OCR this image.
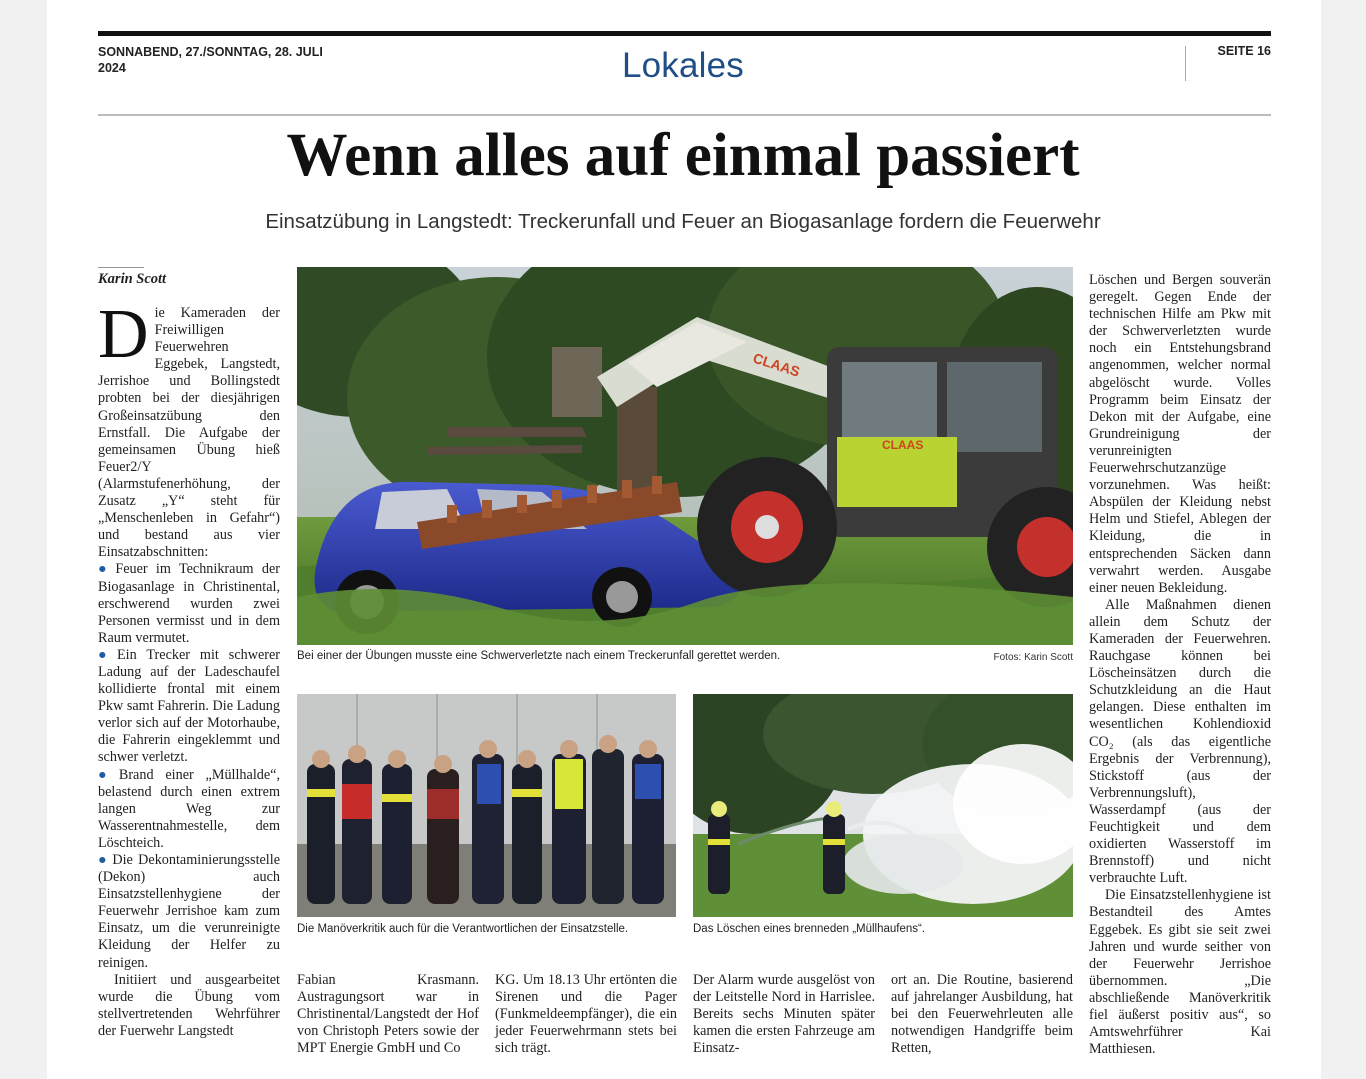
SONNABEND, 27./SONNTAG, 28. JULI 2024	Lokales	SEITE 16
Wenn alles auf einmal passiert
Einsatzübung in Langstedt: Treckerunfall und Feuer an Biogasanlage fordern die Feuerwehr
Karin Scott

Die Kameraden der Freiwilligen Feuerwehren Eggebek, Langstedt, Jerrishoe und Bollingstedt probten bei der diesjährigen Großeinsatzübung den Ernstfall. Die Aufgabe der gemeinsamen Übung hieß Feuer2/Y (Alarmstufenerhöhung, der Zusatz „Y“ steht für „Menschenleben in Gefahr“) und bestand aus vier Einsatzabschnitten:

● Feuer im Technikraum der Biogasanlage in Christinental, erschwerend wurden zwei Personen vermisst und in dem Raum vermutet.

● Ein Trecker mit schwerer Ladung auf der Ladeschaufel kollidierte frontal mit einem Pkw samt Fahrerin. Die Ladung verlor sich auf der Motorhaube, die Fahrerin eingeklemmt und schwer verletzt.

● Brand einer „Müllhalde“, belastend durch einen extrem langen Weg zur Wasserentnahmestelle, dem Löschteich.

● Die Dekontaminierungsstelle (Dekon) auch Einsatzstellenhygiene der Feuerwehr Jerrishoe kam zum Einsatz, um die verunreinigte Kleidung der Helfer zu reinigen.

Initiiert und ausgearbeitet wurde die Übung vom stellvertretenden Wehrführer der Fuerwehr Langstedt

CLAAS
CLAAS
Bei einer der Übungen musste eine Schwerverletzte nach einem Treckerunfall gerettet werden.	Fotos: Karin Scott
Die Manöverkritik auch für die Verantwortlichen der Einsatzstelle.	Das Löschen eines brenneden „Müllhaufens“.
Fabian Krasmann. Austragungsort war in Christinental/Langstedt der Hof von Christoph Peters sowie der MPT Energie GmbH und Co
KG. Um 18.13 Uhr ertönten die Sirenen und die Pager (Funkmeldeempfänger), die ein jeder Feuerwehrmann stets bei sich trägt.
Der Alarm wurde ausgelöst von der Leitstelle Nord in Harrislee. Bereits sechs Minuten später kamen die ersten Fahrzeuge am Einsatz-
ort an. Die Routine, basierend auf jahrelanger Ausbildung, hat bei den Feuerwehrleuten alle notwendigen Handgriffe beim Retten,

Löschen und Bergen souverän geregelt. Gegen Ende der technischen Hilfe am Pkw mit der Schwerverletzten wurde noch ein Entstehungsbrand angenommen, welcher normal abgelöscht wurde. Volles Programm beim Einsatz der Dekon mit der Aufgabe, eine Grundreinigung der verunreinigten Feuerwehrschutzanzüge vorzunehmen. Was heißt: Abspülen der Kleidung nebst Helm und Stiefel, Ablegen der Kleidung, die in entsprechenden Säcken dann verwahrt werden. Ausgabe einer neuen Bekleidung.

Alle Maßnahmen dienen allein dem Schutz der Kameraden der Feuerwehren. Rauchgase können bei Löscheinsätzen durch die Schutzkleidung an die Haut gelangen. Diese enthalten im wesentlichen Kohlendioxid CO₂ (als das eigentliche Ergebnis der Verbrennung), Stickstoff (aus der Verbrennungsluft), Wasserdampf (aus der Feuchtigkeit und dem oxidierten Wasserstoff im Brennstoff) und nicht verbrauchte Luft.

Die Einsatzstellenhygiene ist Bestandteil des Amtes Eggebek. Es gibt sie seit zwei Jahren und wurde seither von der Feuerwehr Jerrishoe übernommen. „Die abschließende Manöverkritik fiel äußerst positiv aus“, so Amtswehrführer Kai Matthiesen.
